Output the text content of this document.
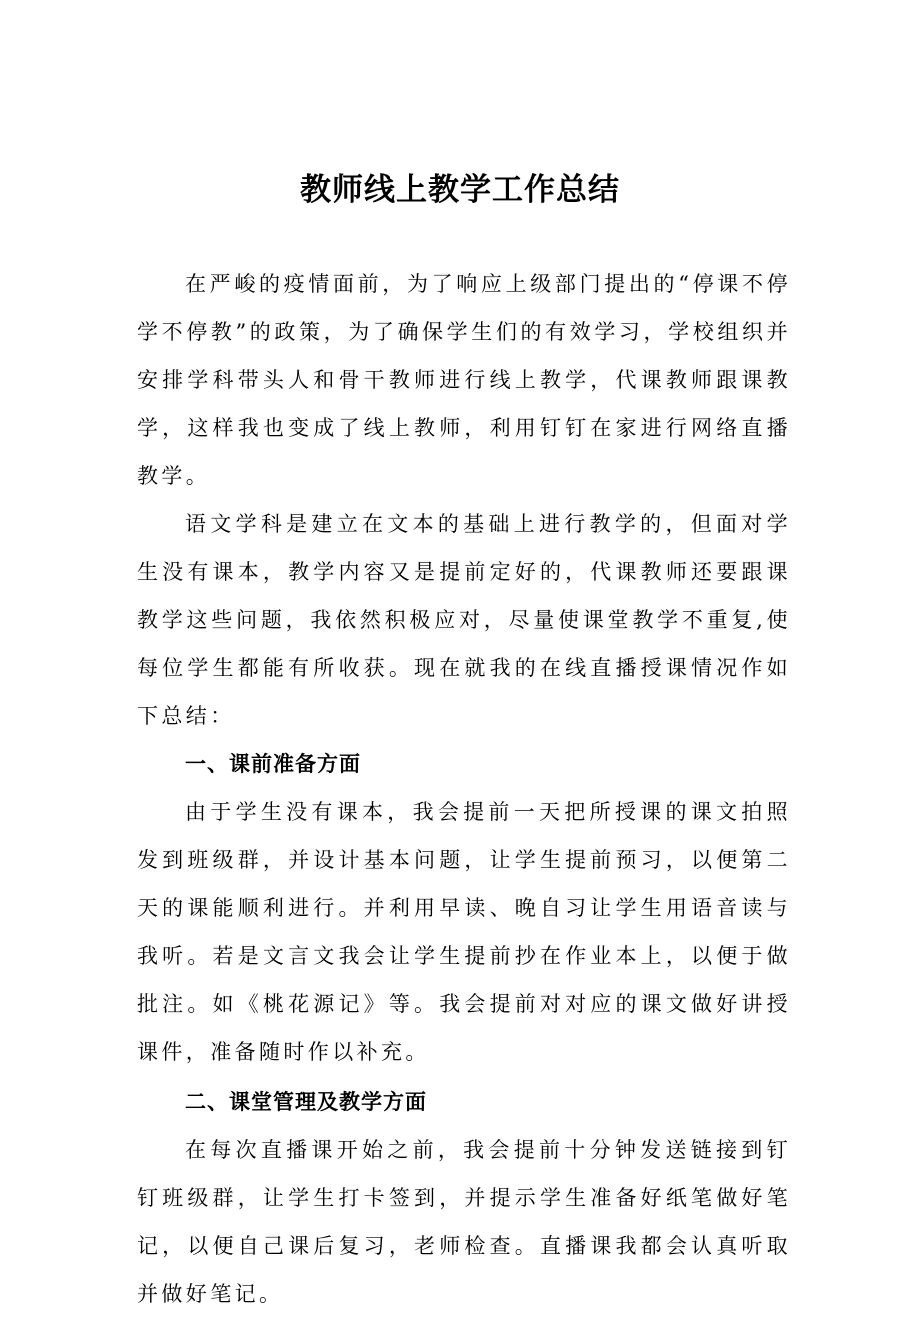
教师线上教学工作总结

在严峻的疫情面前，为了响应上级部门提出的“停课不停学不停教”的政策，为了确保学生们的有效学习，学校组织并安排学科带头人和骨干教师进行线上教学，代课教师跟课教学，这样我也变成了线上教师，利用钉钉在家进行网络直播教学。

语文学科是建立在文本的基础上进行教学的，但面对学生没有课本，教学内容又是提前定好的，代课教师还要跟课教学这些问题，我依然积极应对，尽量使课堂教学不重复,使每位学生都能有所收获。现在就我的在线直播授课情况作如下总结：

一、课前准备方面

由于学生没有课本，我会提前一天把所授课的课文拍照发到班级群，并设计基本问题，让学生提前预习，以便第二天的课能顺利进行。并利用早读、晚自习让学生用语音读与我听。若是文言文我会让学生提前抄在作业本上，以便于做批注。如《桃花源记》等。我会提前对对应的课文做好讲授课件，准备随时作以补充。

二、课堂管理及教学方面

在每次直播课开始之前，我会提前十分钟发送链接到钉钉班级群，让学生打卡签到，并提示学生准备好纸笔做好笔记，以便自己课后复习，老师检查。直播课我都会认真听取并做好笔记。
